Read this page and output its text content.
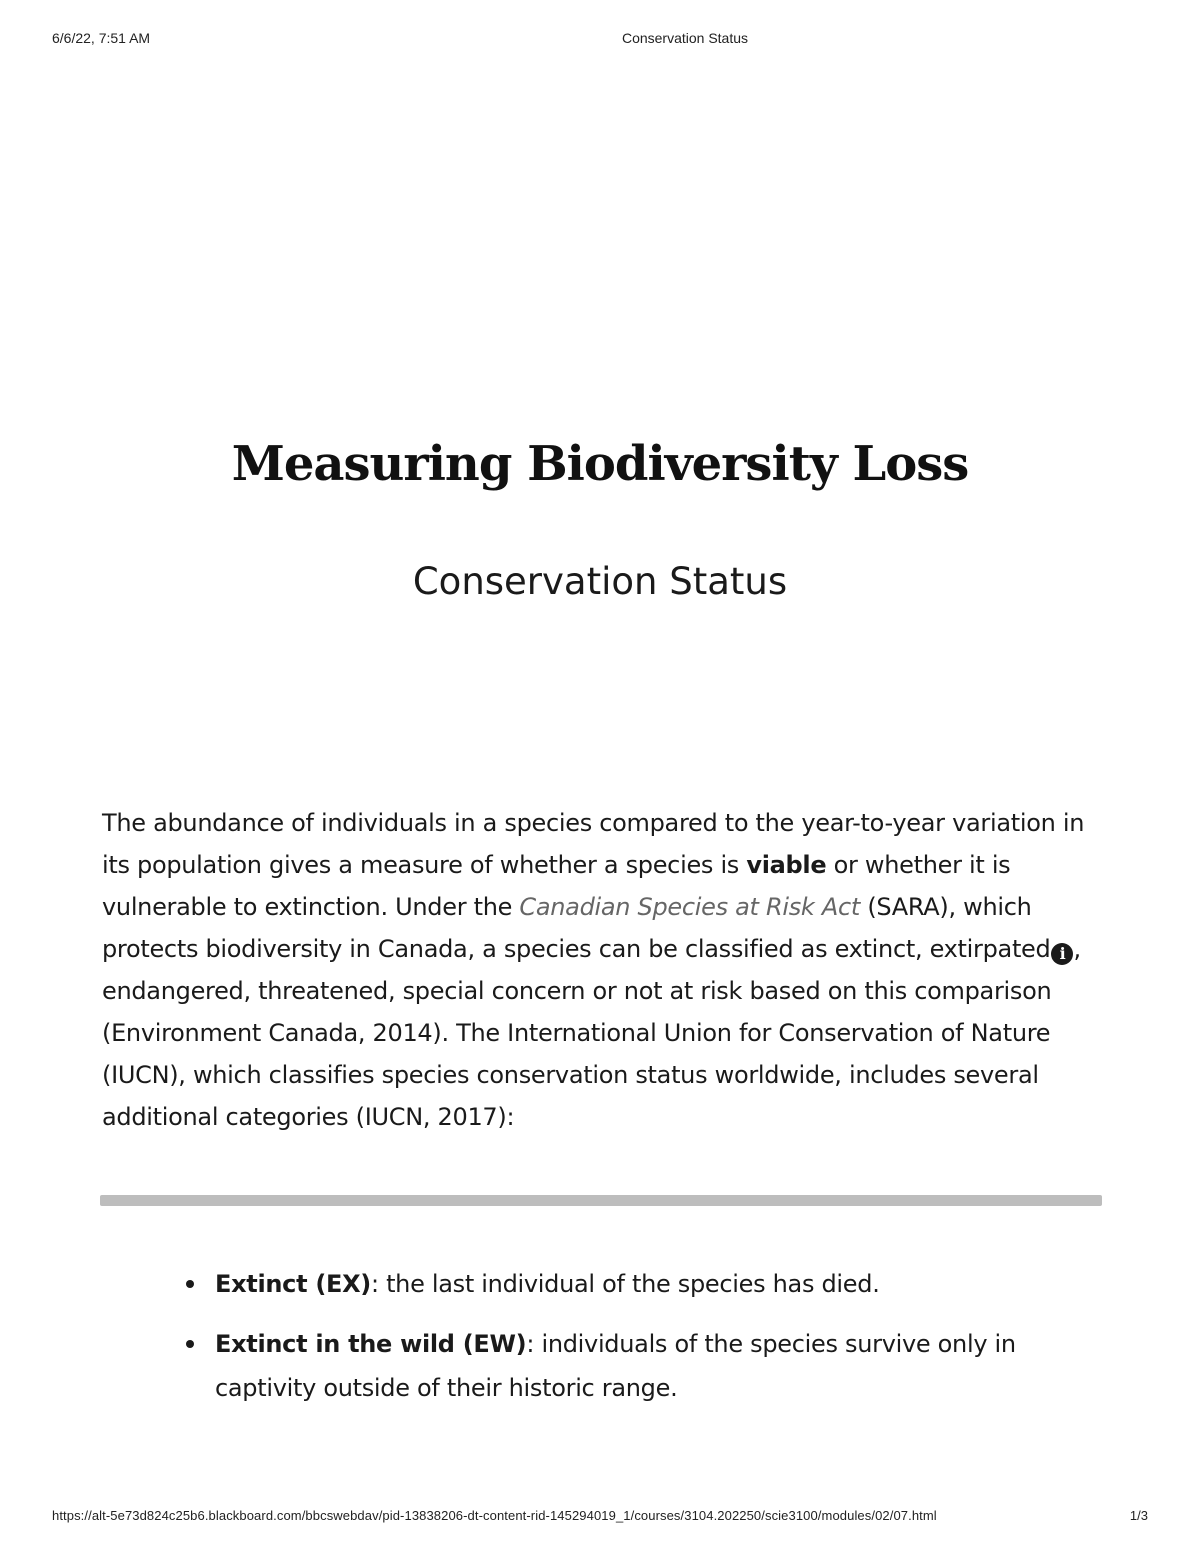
6/6/22, 7:51 AM	Conservation Status
Measuring Biodiversity Loss
Conservation Status

The abundance of individuals in a species compared to the year-to-year variation in its population gives a measure of whether a species is viable or whether it is vulnerable to extinction. Under the Canadian Species at Risk Act (SARA), which protects biodiversity in Canada, a species can be classified as extinct, extirpated i , endangered, threatened, special concern or not at risk based on this comparison (Environment Canada, 2014). The International Union for Conservation of Nature (IUCN), which classifies species conservation status worldwide, includes several additional categories (IUCN, 2017):

Extinct (EX): the last individual of the species has died.
Extinct in the wild (EW): individuals of the species survive only in captivity outside of their historic range.
https://alt-5e73d824c25b6.blackboard.com/bbcswebdav/pid-13838206-dt-content-rid-145294019_1/courses/3104.202250/scie3100/modules/02/07.html	1/3
